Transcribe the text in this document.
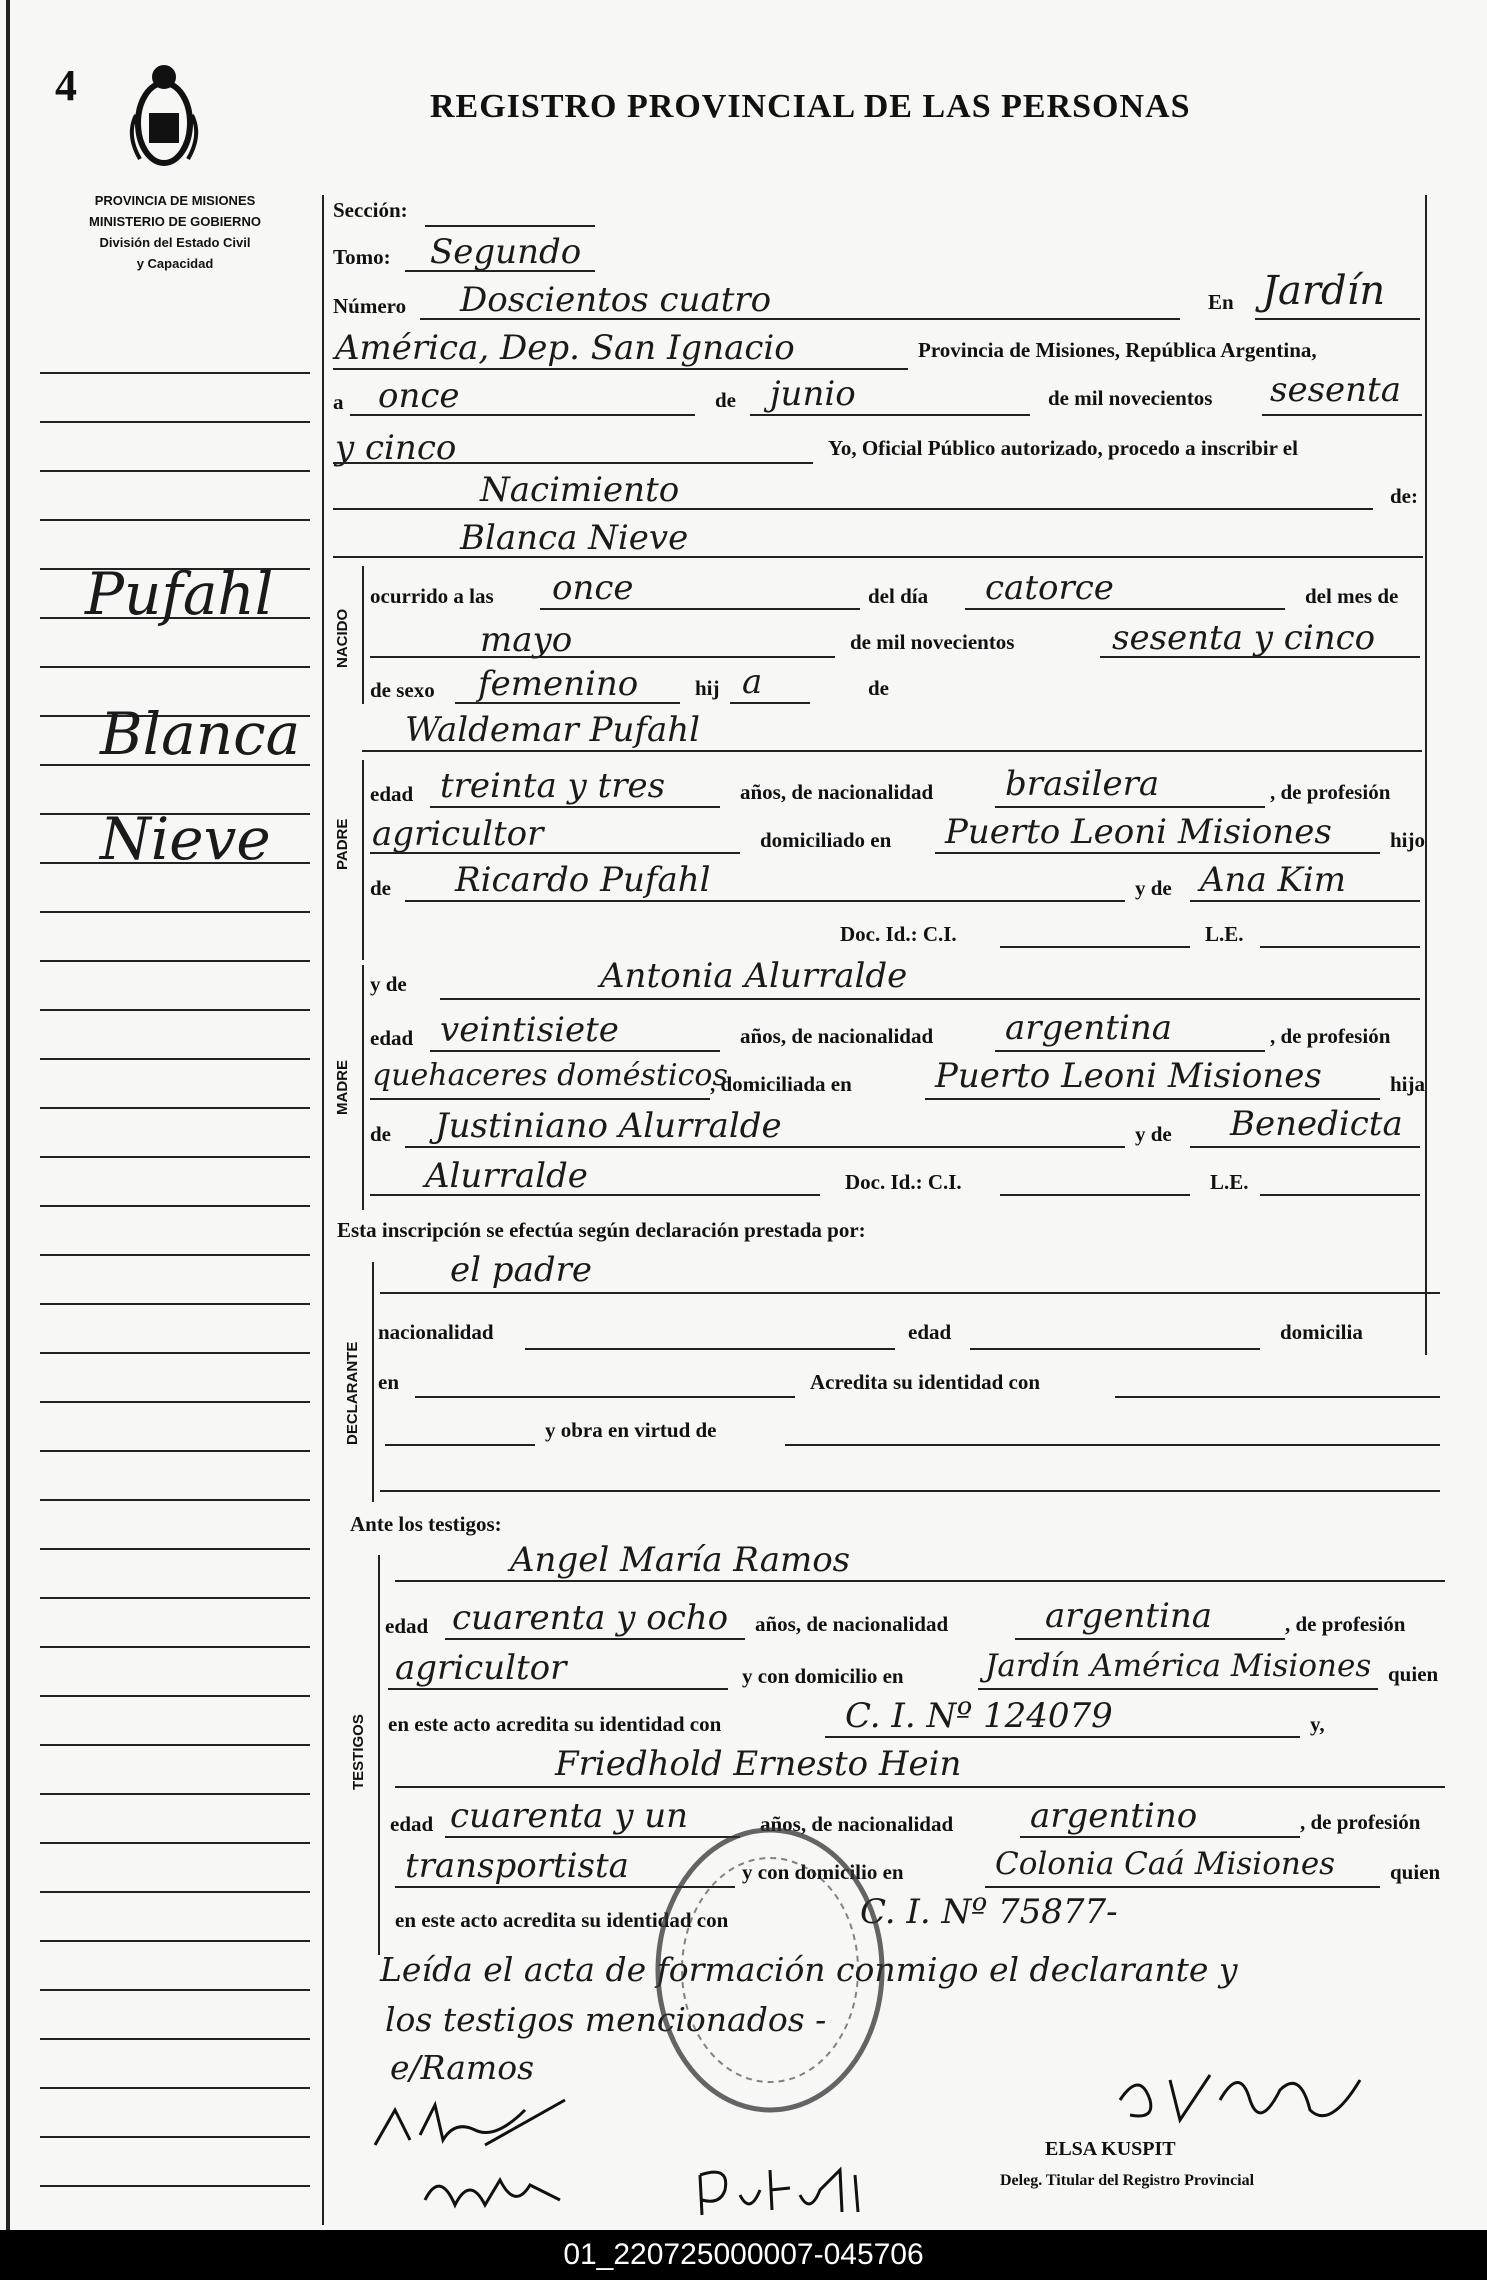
4	REGISTRO PROVINCIAL DE LAS PERSONAS
PROVINCIA DE MISIONES
MINISTERIO DE GOBIERNO
División del Estado Civil
y Capacidad
Pufahl
Blanca
Nieve
Sección:
Tomo: Segundo
Número Doscientos cuatro	En Jardín
América, Dep. San Ignacio	Provincia de Misiones, República Argentina,
a once	de junio	de mil novecientos sesenta
y cinco	Yo, Oficial Público autorizado, procedo a inscribir el
Nacimiento	de:
Blanca Nieve
NACIDO
ocurrido a las once	del día catorce	del mes de
mayo	de mil novecientos	sesenta y cinco
de sexo femenino	hij a	de
PADRE
Waldemar Pufahl
edad treinta y tres	años, de nacionalidad brasilera	, de profesión
agricultor	domiciliado en Puerto Leoni Misiones	hijo
de Ricardo Pufahl	y de Ana Kim
Doc. Id.: C.I.	L.E.
MADRE
y de	Antonia Alurralde
edad veintisiete	años, de nacionalidad argentina	, de profesión
quehaceres domésticos
, domiciliada en Puerto Leoni Misiones	hija
de Justiniano Alurralde	y de Benedicta
Alurralde	Doc. Id.: C.I.	L.E.
Esta inscripción se efectúa según declaración prestada por:
DECLARANTE
el padre
nacionalidad	edad	domicilia
en	Acredita su identidad con
y obra en virtud de
Ante los testigos:
TESTIGOS
Angel María Ramos
edad cuarenta y ocho años, de nacionalidad	argentina	, de profesión
agricultor	y con domicilio en	Jardín América Misiones quien
en este acto acredita su identidad con	C. I. Nº 124079	y,
Friedhold Ernesto Hein
edad cuarenta y un	años, de nacionalidad argentino	, de profesión
transportista	y con domicilio en	Colonia Caá Misiones	quien
en este acto acredita su identidad con	C. I. Nº 75877-
Leída el acta de formación conmigo el declarante y
los testigos mencionados -
e/Ramos
ELSA KUSPIT
Deleg. Titular del Registro Provincial
01_220725000007-045706
